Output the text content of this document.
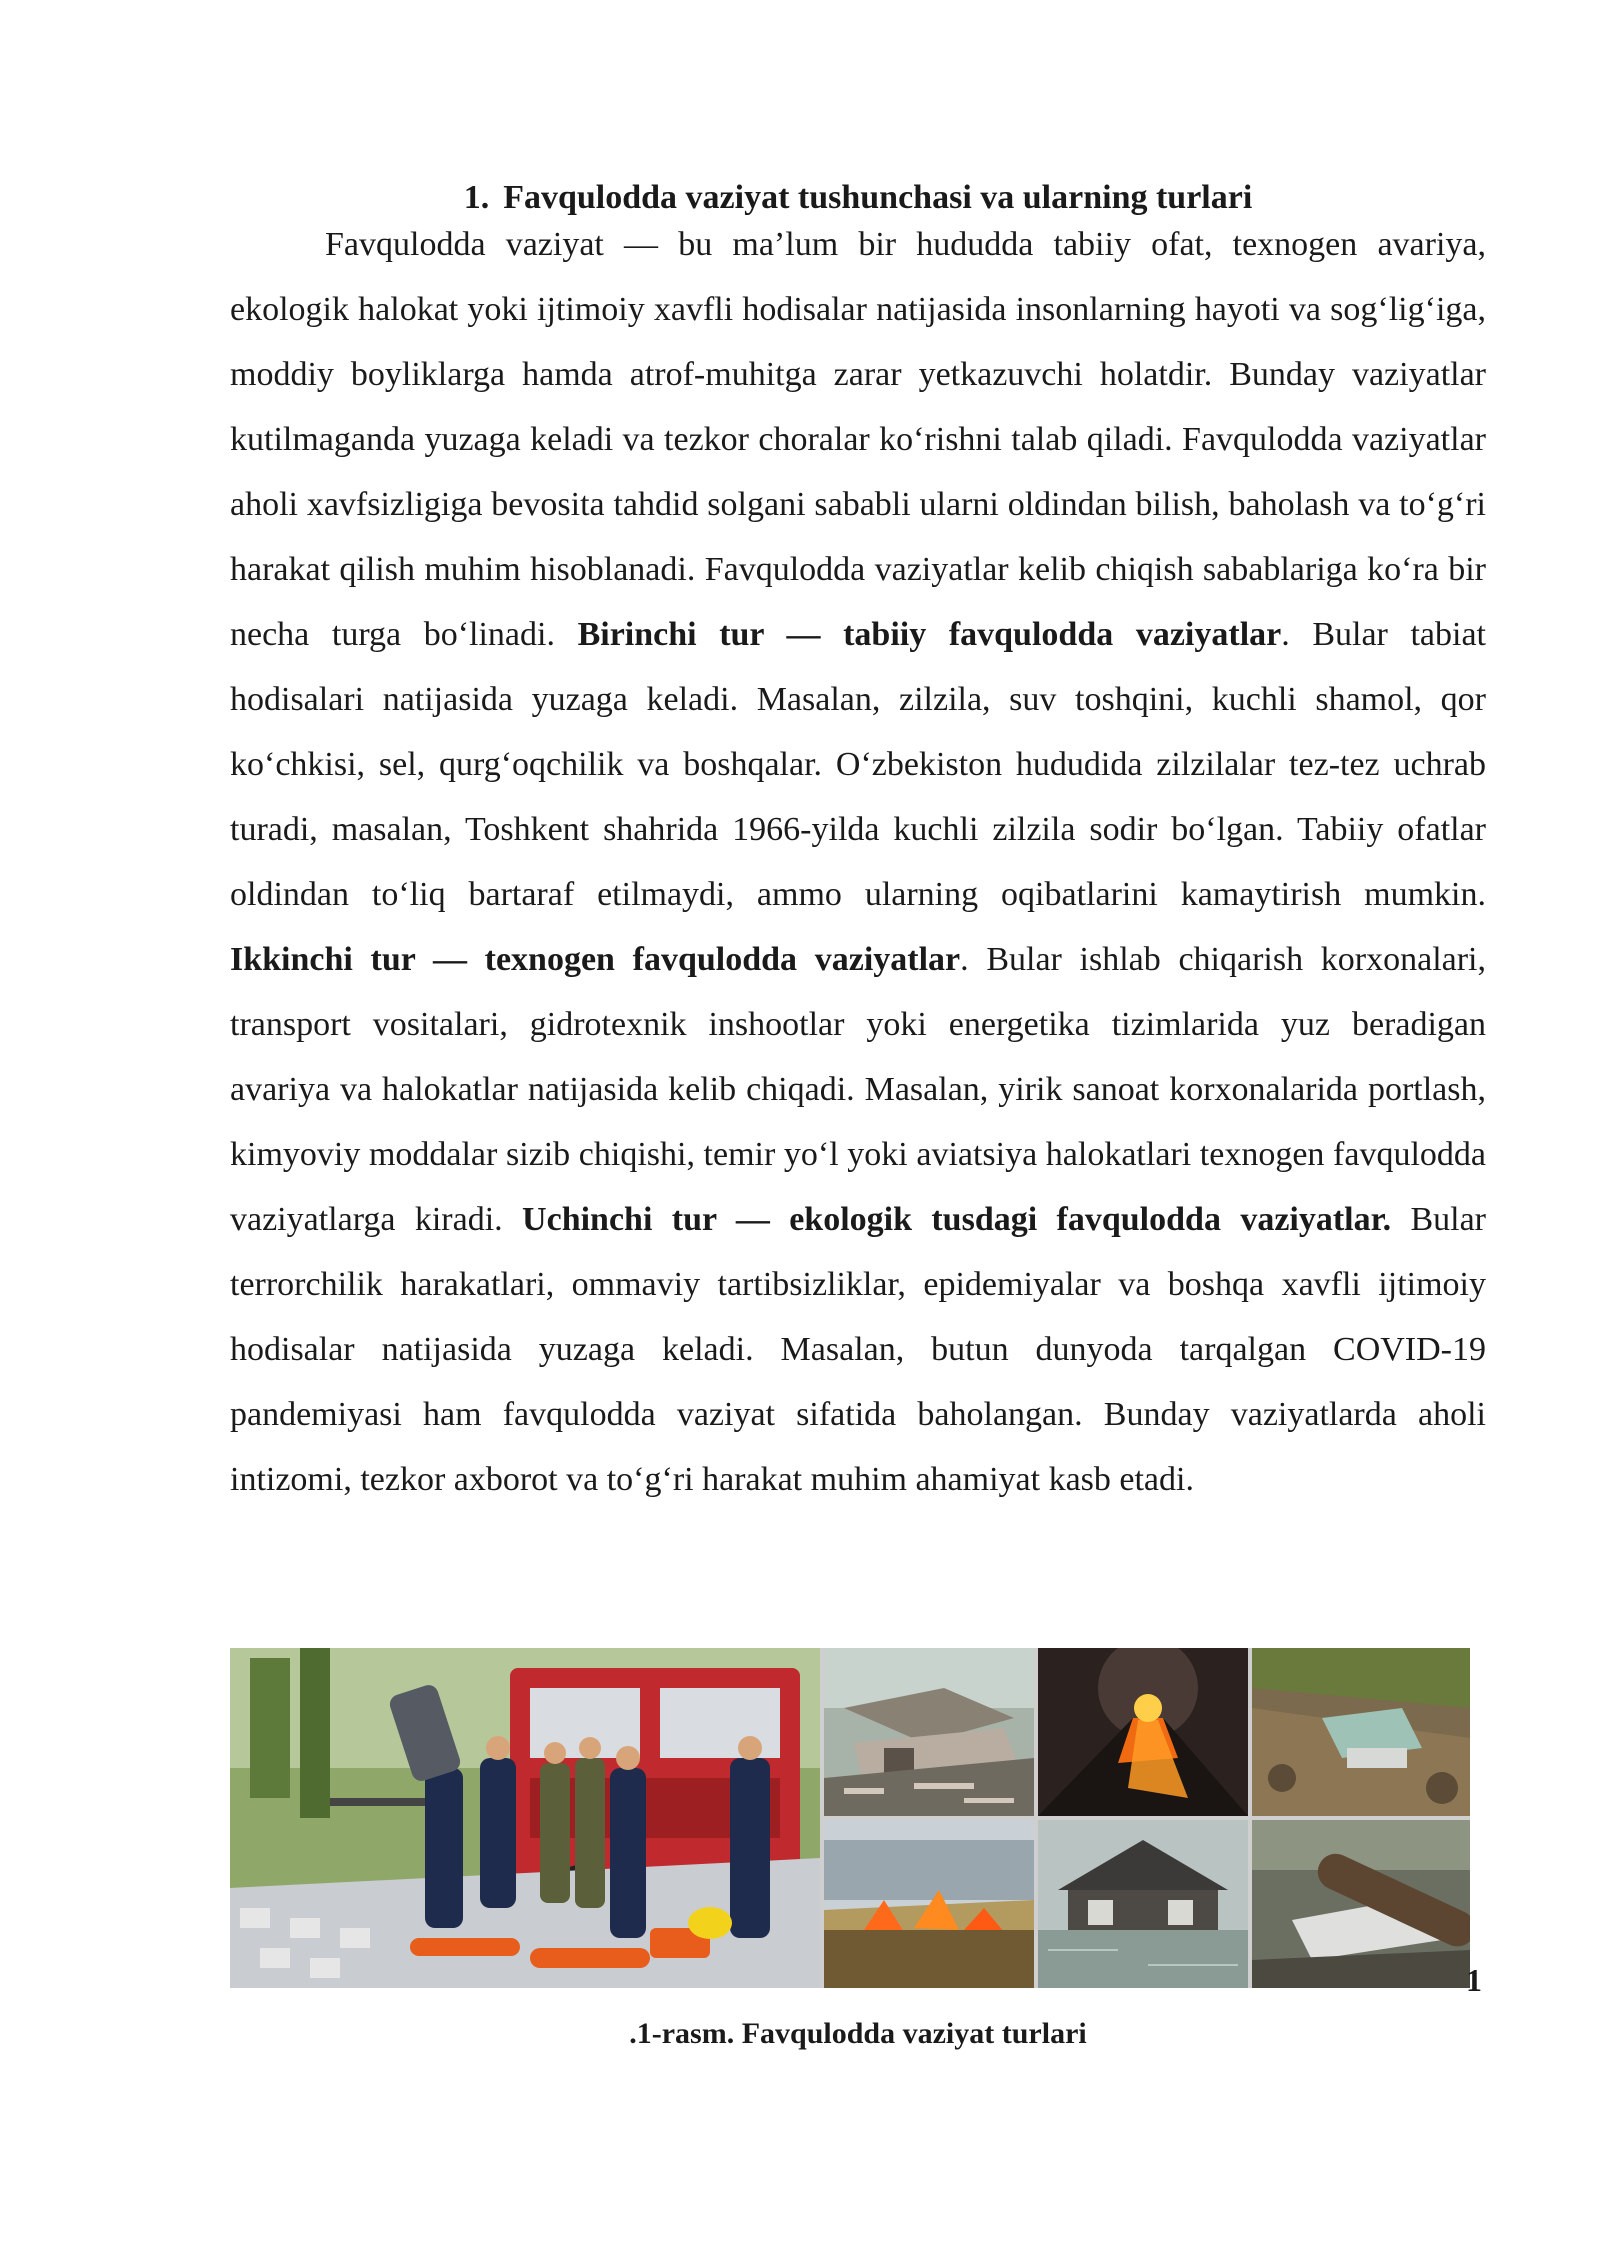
1. Favqulodda vaziyat tushunchasi va ularning turlari

Favqulodda vaziyat — bu ma’lum bir hududda tabiiy ofat, texnogen avariya, ekologik halokat yoki ijtimoiy xavfli hodisalar natijasida insonlarning hayoti va sog‘lig‘iga, moddiy boyliklarga hamda atrof-muhitga zarar yetkazuvchi holatdir. Bunday vaziyatlar kutilmaganda yuzaga keladi va tezkor choralar ko‘rishni talab qiladi. Favqulodda vaziyatlar aholi xavfsizligiga bevosita tahdid solgani sababli ularni oldindan bilish, baholash va to‘g‘ri harakat qilish muhim hisoblanadi. Favqulodda vaziyatlar kelib chiqish sabablariga ko‘ra bir necha turga bo‘linadi. Birinchi tur — tabiiy favqulodda vaziyatlar. Bular tabiat hodisalari natijasida yuzaga keladi. Masalan, zilzila, suv toshqini, kuchli shamol, qor ko‘chkisi, sel, qurg‘oqchilik va boshqalar. O‘zbekiston hududida zilzilalar tez-tez uchrab turadi, masalan, Toshkent shahrida 1966-yilda kuchli zilzila sodir bo‘lgan. Tabiiy ofatlar oldindan to‘liq bartaraf etilmaydi, ammo ularning oqibatlarini kamaytirish mumkin. Ikkinchi tur — texnogen favqulodda vaziyatlar. Bular ishlab chiqarish korxonalari, transport vositalari, gidrotexnik inshootlar yoki energetika tizimlarida yuz beradigan avariya va halokatlar natijasida kelib chiqadi. Masalan, yirik sanoat korxonalarida portlash, kimyoviy moddalar sizib chiqishi, temir yo‘l yoki aviatsiya halokatlari texnogen favqulodda vaziyatlarga kiradi. Uchinchi tur — ekologik tusdagi favqulodda vaziyatlar. Bular terrorchilik harakatlari, ommaviy tartibsizliklar, epidemiyalar va boshqa xavfli ijtimoiy hodisalar natijasida yuzaga keladi. Masalan, butun dunyoda tarqalgan COVID-19 pandemiyasi ham favqulodda vaziyat sifatida baholangan. Bunday vaziyatlarda aholi intizomi, tezkor axborot va to‘g‘ri harakat muhim ahamiyat kasb etadi.

1
.1-rasm. Favqulodda vaziyat turlari
